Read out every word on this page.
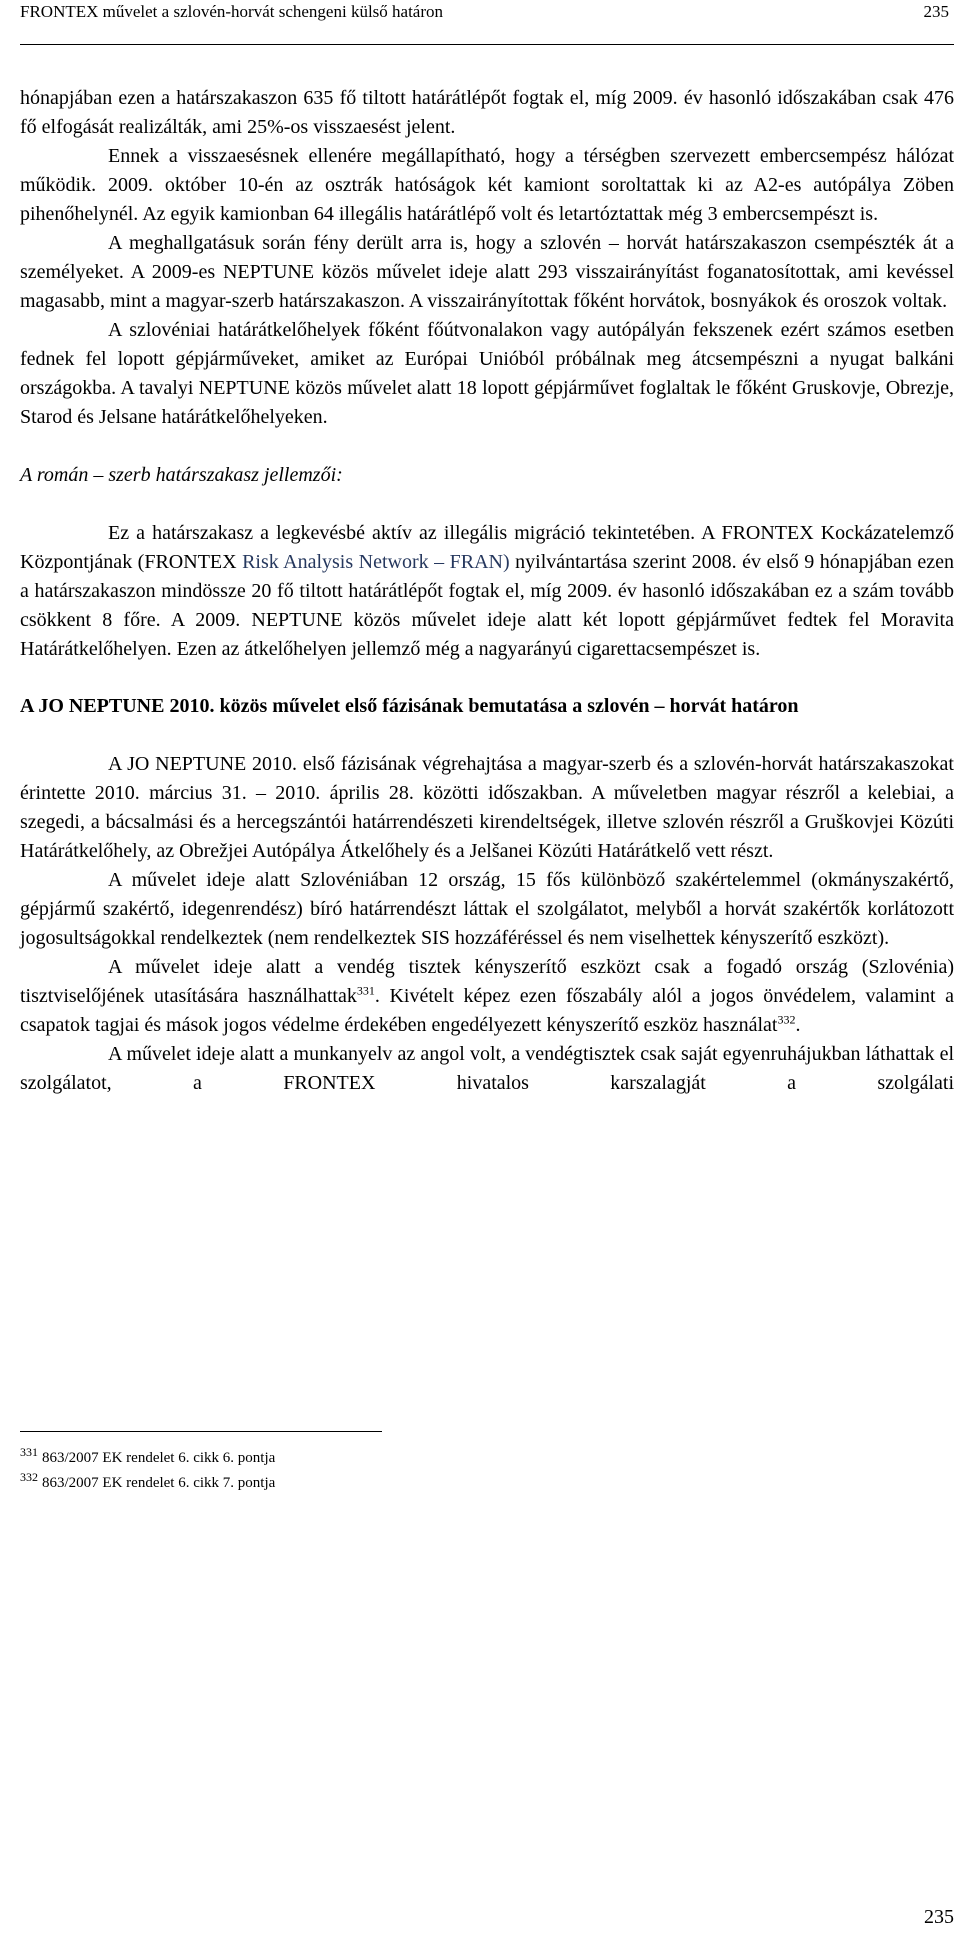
FRONTEX művelet a szlovén-horvát schengeni külső határon	235

hónapjában ezen a határszakaszon 635 fő tiltott határátlépőt fogtak el, míg 2009. év hasonló időszakában csak 476 fő elfogását realizálták, ami 25%-os visszaesést jelent.

Ennek a visszaesésnek ellenére megállapítható, hogy a térségben szervezett embercsempész hálózat működik. 2009. október 10-én az osztrák hatóságok két kamiont soroltattak ki az A2-es autópálya Zöben pihenőhelynél. Az egyik kamionban 64 illegális határátlépő volt és letartóztattak még 3 embercsempészt is.

A meghallgatásuk során fény derült arra is, hogy a szlovén – horvát határszakaszon csempészték át a személyeket. A 2009-es NEPTUNE közös művelet ideje alatt 293 visszairányítást foganatosítottak, ami kevéssel magasabb, mint a magyar-szerb határszakaszon. A visszairányítottak főként horvátok, bosnyákok és oroszok voltak.

A szlovéniai határátkelőhelyek főként főútvonalakon vagy autópályán fekszenek ezért számos esetben fednek fel lopott gépjárműveket, amiket az Európai Unióból próbálnak meg átcsempészni a nyugat balkáni országokba. A tavalyi NEPTUNE közös művelet alatt 18 lopott gépjárművet foglaltak le főként Gruskovje, Obrezje, Starod és Jelsane határátkelőhelyeken.

A román – szerb határszakasz jellemzői:

Ez a határszakasz a legkevésbé aktív az illegális migráció tekintetében. A FRONTEX Kockázatelemző Központjának (FRONTEX Risk Analysis Network – FRAN) nyilvántartása szerint 2008. év első 9 hónapjában ezen a határszakaszon mindössze 20 fő tiltott határátlépőt fogtak el, míg 2009. év hasonló időszakában ez a szám tovább csökkent 8 főre. A 2009. NEPTUNE közös művelet ideje alatt két lopott gépjárművet fedtek fel Moravita Határátkelőhelyen. Ezen az átkelőhelyen jellemző még a nagyarányú cigarettacsempészet is.

A JO NEPTUNE 2010. közös művelet első fázisának bemutatása a szlovén – horvát határon

A JO NEPTUNE 2010. első fázisának végrehajtása a magyar-szerb és a szlovén-horvát határszakaszokat érintette 2010. március 31. – 2010. április 28. közötti időszakban. A műveletben magyar részről a kelebiai, a szegedi, a bácsalmási és a hercegszántói határrendészeti kirendeltségek, illetve szlovén részről a Gruškovjei Közúti Határátkelőhely, az Obrežjei Autópálya Átkelőhely és a Jelšanei Közúti Határátkelő vett részt.

A művelet ideje alatt Szlovéniában 12 ország, 15 fős különböző szakértelemmel (okmányszakértő, gépjármű szakértő, idegenrendész) bíró határrendészt láttak el szolgálatot, melyből a horvát szakértők korlátozott jogosultságokkal rendelkeztek (nem rendelkeztek SIS hozzáféréssel és nem viselhettek kényszerítő eszközt).

A művelet ideje alatt a vendég tisztek kényszerítő eszközt csak a fogadó ország (Szlovénia) tisztviselőjének utasítására használhattak$^{331}$. Kivételt képez ezen főszabály alól a jogos önvédelem, valamint a csapatok tagjai és mások jogos védelme érdekében engedélyezett kényszerítő eszköz használat$^{332}$.

A művelet ideje alatt a munkanyelv az angol volt, a vendégtisztek csak saját egyenruhájukban láthattak el szolgálatot, a FRONTEX hivatalos karszalagját a szolgálati

$^{331}$ 863/2007 EK rendelet 6. cikk 6. pontja
$^{332}$ 863/2007 EK rendelet 6. cikk 7. pontja
235
